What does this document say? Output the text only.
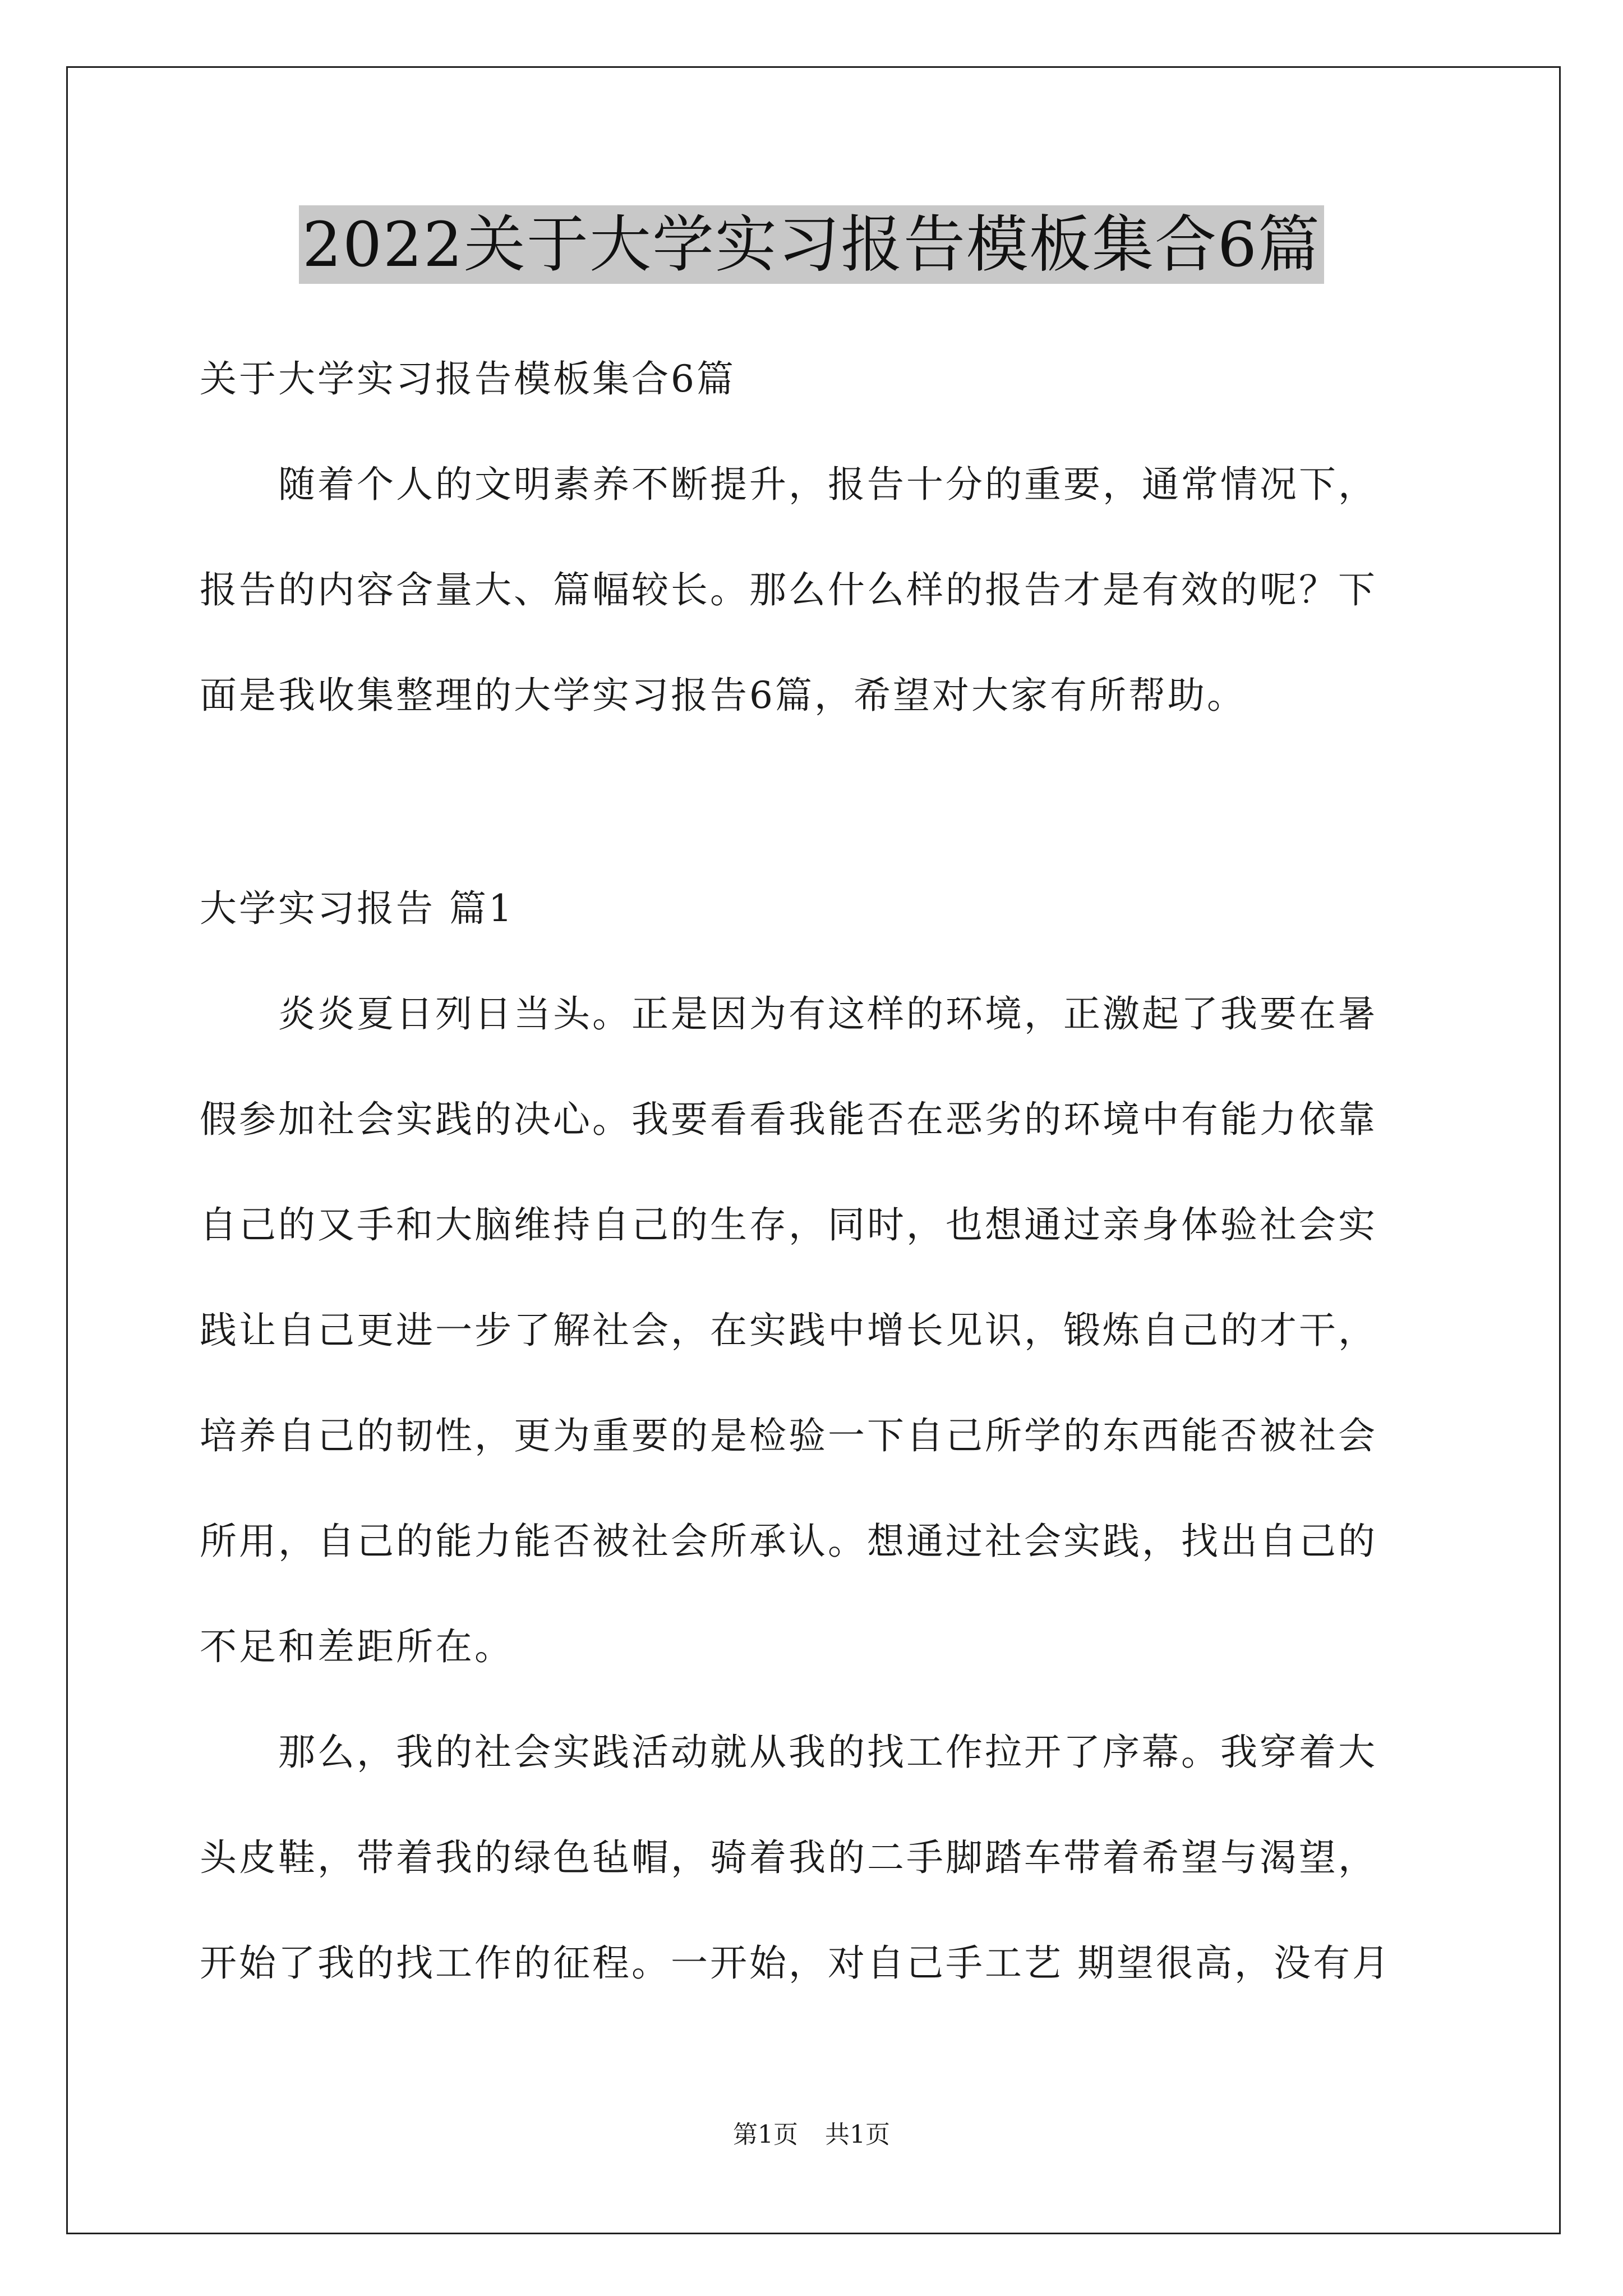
2022关于大学实习报告模板集合6篇
关于大学实习报告模板集合6篇
　　随着个人的文明素养不断提升，报告十分的重要，通常情况下，
报告的内容含量大、篇幅较长。那么什么样的报告才是有效的呢？下
面是我收集整理的大学实习报告6篇，希望对大家有所帮助。
大学实习报告 篇1
　　炎炎夏日列日当头。正是因为有这样的环境，正激起了我要在暑
假参加社会实践的决心。我要看看我能否在恶劣的环境中有能力依靠
自己的又手和大脑维持自己的生存，同时，也想通过亲身体验社会实
践让自己更进一步了解社会，在实践中增长见识，锻炼自己的才干，
培养自己的韧性，更为重要的是检验一下自己所学的东西能否被社会
所用，自己的能力能否被社会所承认。想通过社会实践，找出自己的
不足和差距所在。
　　那么，我的社会实践活动就从我的找工作拉开了序幕。我穿着大
头皮鞋，带着我的绿色毡帽，骑着我的二手脚踏车带着希望与渴望，
开始了我的找工作的征程。一开始，对自己手工艺 期望很高，没有月
第1页 共1页
